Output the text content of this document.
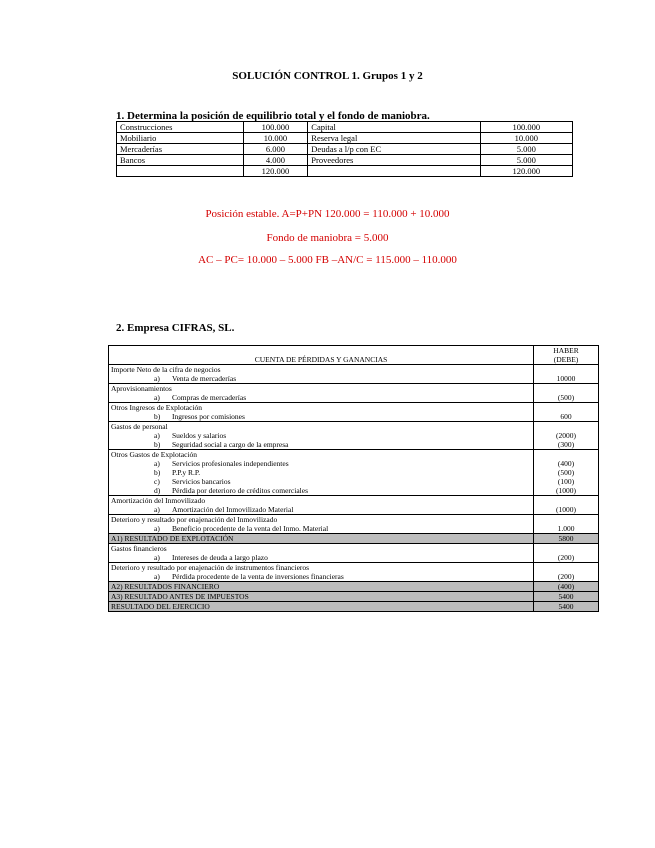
SOLUCIÓN CONTROL 1. Grupos 1 y 2
1. Determina la posición de equilibrio total y el fondo de maniobra.
Construcciones	100.000	Capital	100.000
Mobiliario	10.000	Reserva legal	10.000
Mercaderías	6.000	Deudas a l/p con EC	5.000
Bancos	4.000	Proveedores	5.000
	120.000		120.000
Posición estable. A=P+PN 120.000 = 110.000 + 10.000
Fondo de maniobra = 5.000
AC – PC= 10.000 – 5.000 FB –AN/C = 115.000 – 110.000
2. Empresa CIFRAS, SL.
CUENTA DE PÉRDIDAS Y GANANCIAS	HABER
(DEBE)

Importe Neto de la cifra de negocios	
a) Venta de mercaderías	10000
Aprovisionamientos	
a) Compras de mercaderías	(500)
Otros Ingresos de Explotación	
b) Ingresos por comisiones	600
Gastos de personal	
a) Sueldos y salarios	(2000)
b) Seguridad social a cargo de la empresa	(300)
Otros Gastos de Explotación	
a) Servicios profesionales independientes	(400)
b) P.P.y R.P.	(500)
c) Servicios bancarios	(100)
d) Pérdida por deterioro de créditos comerciales	(1000)
Amortización del Inmovilizado	
a) Amortización del Inmovilizado Material	(1000)
Deterioro y resultado por enajenación del Inmovilizado	
a) Beneficio procedente de la venta del Inmo. Material	1.000
A1) RESULTADO DE EXPLOTACIÓN	5800
Gastos financieros	
a) Intereses de deuda a largo plazo	(200)
Deterioro y resultado por enajenación de instrumentos financieros	
a) Pérdida procedente de la venta de inversiones financieras	(200)
A2) RESULTADOS FINANCIERO	(400)
A3) RESULTADO ANTES DE IMPUESTOS	5400
RESULTADO DEL EJERCICIO	5400
